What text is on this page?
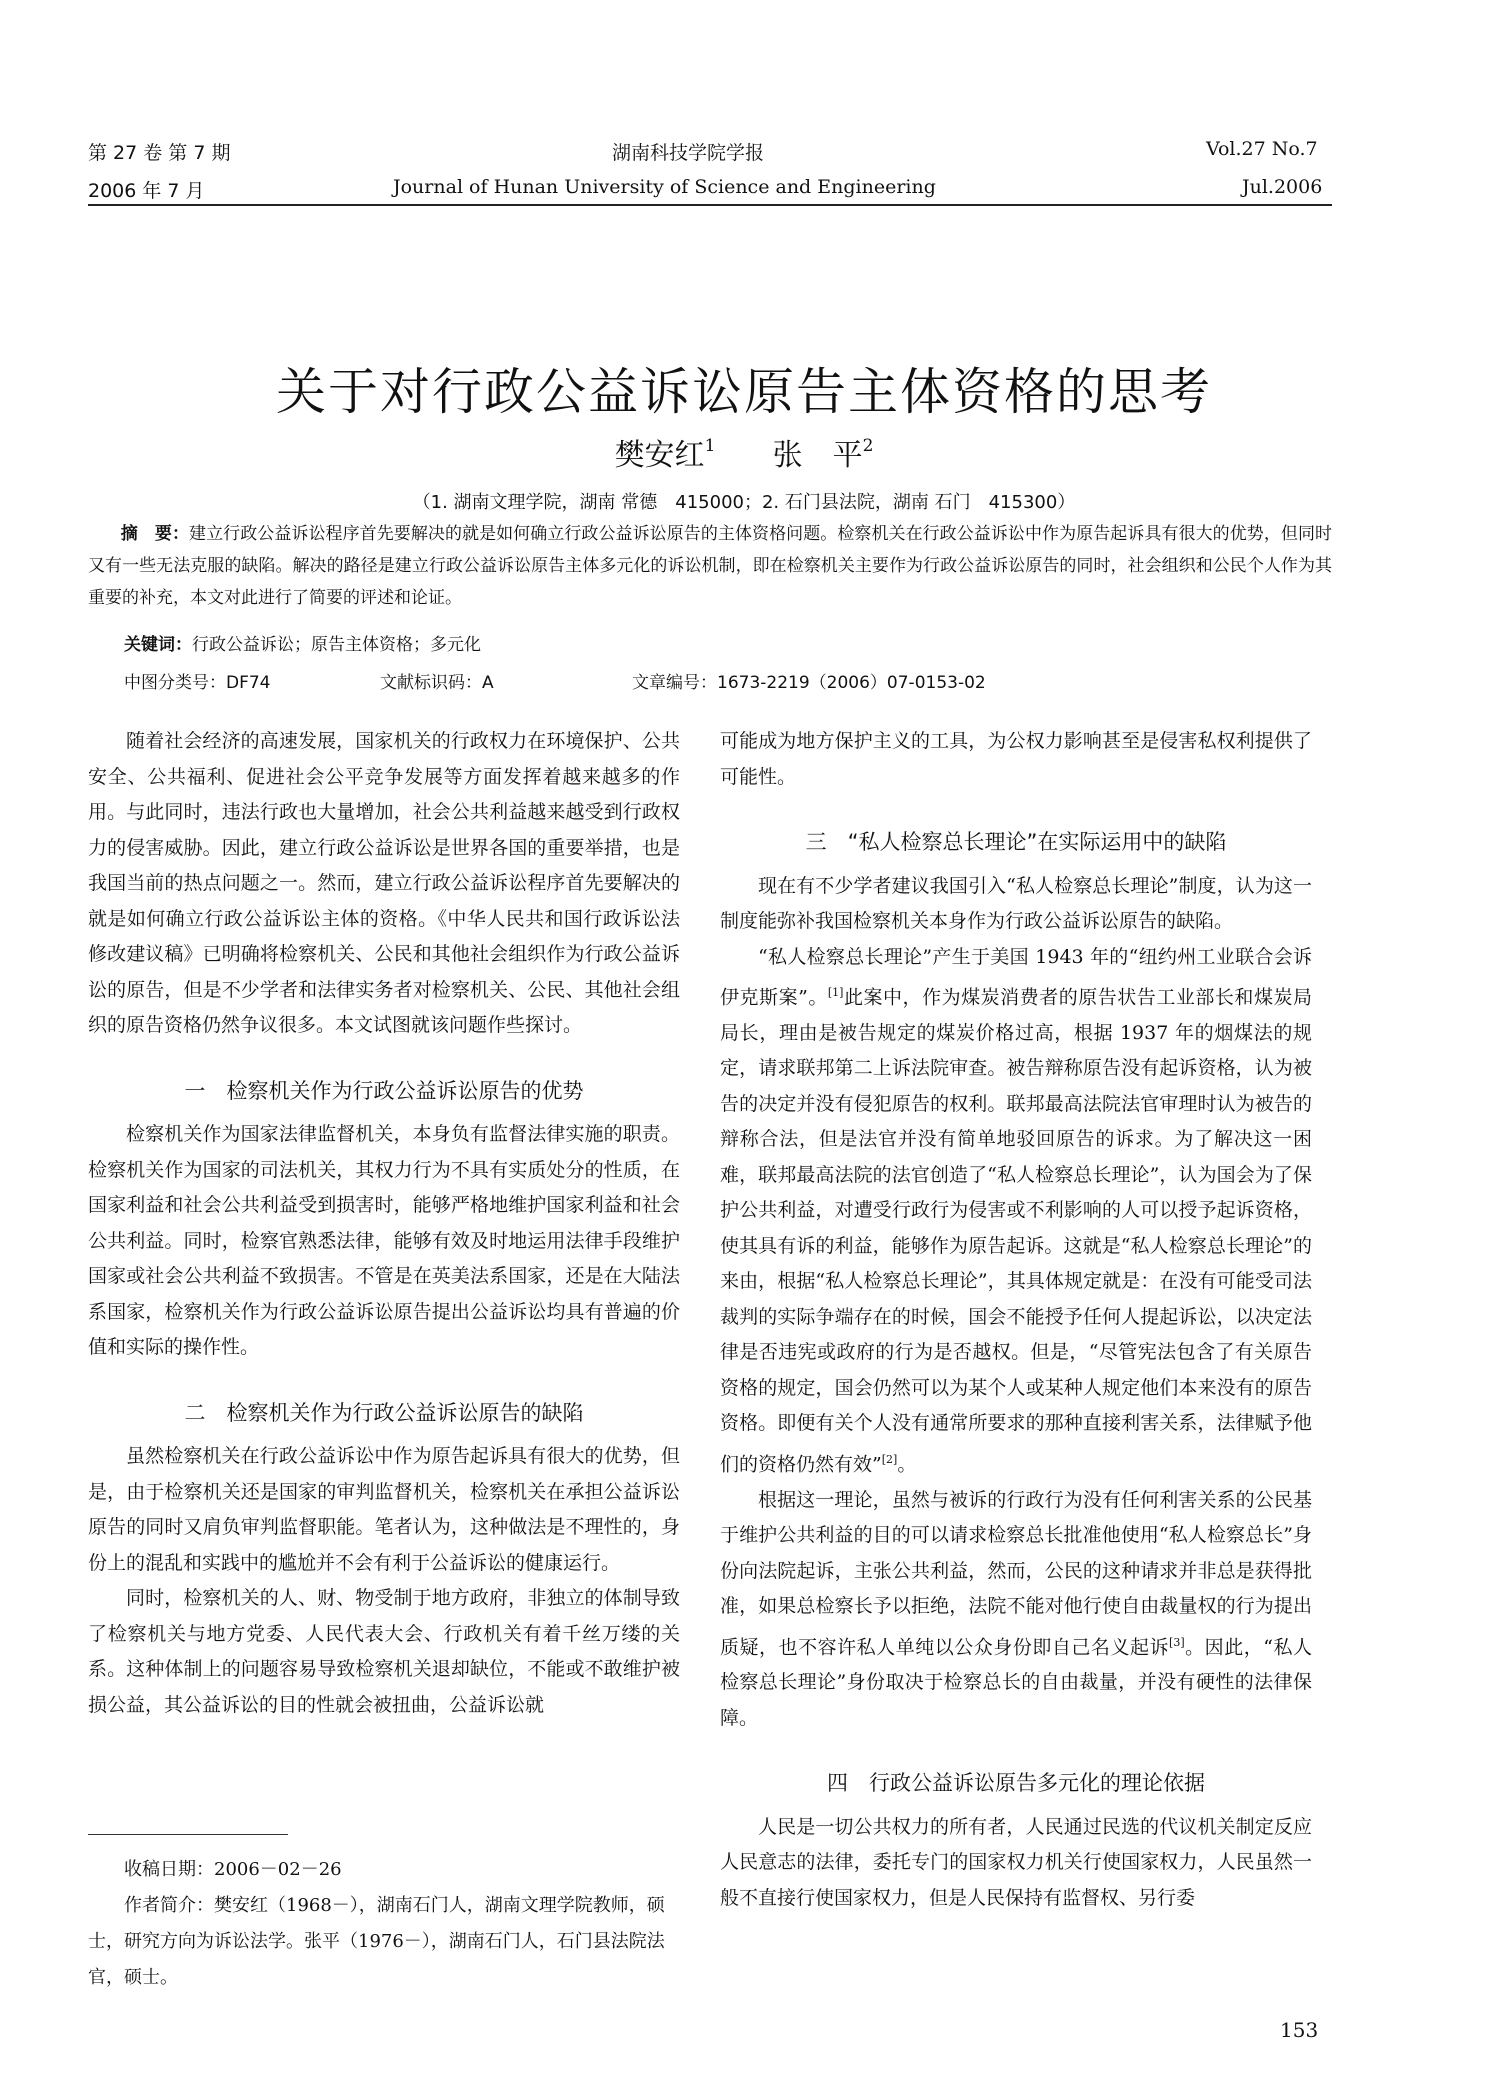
第 27 卷 第 7 期	湖南科技学院学报	Vol.27 No.7
2006 年 7 月	Journal of Hunan University of Science and Engineering	Jul.2006
关于对行政公益诉讼原告主体资格的思考
樊安红$^1$ 张　平$^2$
（1. 湖南文理学院，湖南 常德　415000；2. 石门县法院，湖南 石门　415300）
摘　要：建立行政公益诉讼程序首先要解决的就是如何确立行政公益诉讼原告的主体资格问题。检察机关在行政公益诉讼中作为原告起诉具有很大的优势，但同时又有一些无法克服的缺陷。解决的路径是建立行政公益诉讼原告主体多元化的诉讼机制，即在检察机关主要作为行政公益诉讼原告的同时，社会组织和公民个人作为其重要的补充，本文对此进行了简要的评述和论证。
关键词：行政公益诉讼；原告主体资格；多元化
中图分类号：DF74	文献标识码：A	文章编号：1673-2219（2006）07-0153-02

随着社会经济的高速发展，国家机关的行政权力在环境保护、公共安全、公共福利、促进社会公平竞争发展等方面发挥着越来越多的作用。与此同时，违法行政也大量增加，社会公共利益越来越受到行政权力的侵害威胁。因此，建立行政公益诉讼是世界各国的重要举措，也是我国当前的热点问题之一。然而，建立行政公益诉讼程序首先要解决的就是如何确立行政公益诉讼主体的资格。《中华人民共和国行政诉讼法修改建议稿》已明确将检察机关、公民和其他社会组织作为行政公益诉讼的原告，但是不少学者和法律实务者对检察机关、公民、其他社会组织的原告资格仍然争议很多。本文试图就该问题作些探讨。

一　检察机关作为行政公益诉讼原告的优势

检察机关作为国家法律监督机关，本身负有监督法律实施的职责。检察机关作为国家的司法机关，其权力行为不具有实质处分的性质，在国家利益和社会公共利益受到损害时，能够严格地维护国家利益和社会公共利益。同时，检察官熟悉法律，能够有效及时地运用法律手段维护国家或社会公共利益不致损害。不管是在英美法系国家，还是在大陆法系国家，检察机关作为行政公益诉讼原告提出公益诉讼均具有普遍的价值和实际的操作性。

二　检察机关作为行政公益诉讼原告的缺陷

虽然检察机关在行政公益诉讼中作为原告起诉具有很大的优势，但是，由于检察机关还是国家的审判监督机关，检察机关在承担公益诉讼原告的同时又肩负审判监督职能。笔者认为，这种做法是不理性的，身份上的混乱和实践中的尴尬并不会有利于公益诉讼的健康运行。

同时，检察机关的人、财、物受制于地方政府，非独立的体制导致了检察机关与地方党委、人民代表大会、行政机关有着千丝万缕的关系。这种体制上的问题容易导致检察机关退却缺位，不能或不敢维护被损公益，其公益诉讼的目的性就会被扭曲，公益诉讼就

可能成为地方保护主义的工具，为公权力影响甚至是侵害私权利提供了可能性。

三　“私人检察总长理论”在实际运用中的缺陷

现在有不少学者建议我国引入“私人检察总长理论”制度，认为这一制度能弥补我国检察机关本身作为行政公益诉讼原告的缺陷。

“私人检察总长理论”产生于美国 1943 年的“纽约州工业联合会诉伊克斯案”。[1]此案中，作为煤炭消费者的原告状告工业部长和煤炭局局长，理由是被告规定的煤炭价格过高，根据 1937 年的烟煤法的规定，请求联邦第二上诉法院审查。被告辩称原告没有起诉资格，认为被告的决定并没有侵犯原告的权利。联邦最高法院法官审理时认为被告的辩称合法，但是法官并没有简单地驳回原告的诉求。为了解决这一困难，联邦最高法院的法官创造了“私人检察总长理论”，认为国会为了保护公共利益，对遭受行政行为侵害或不利影响的人可以授予起诉资格，使其具有诉的利益，能够作为原告起诉。这就是“私人检察总长理论”的来由，根据“私人检察总长理论”，其具体规定就是：在没有可能受司法裁判的实际争端存在的时候，国会不能授予任何人提起诉讼，以决定法律是否违宪或政府的行为是否越权。但是，“尽管宪法包含了有关原告资格的规定，国会仍然可以为某个人或某种人规定他们本来没有的原告资格。即便有关个人没有通常所要求的那种直接利害关系，法律赋予他们的资格仍然有效”[2]。

根据这一理论，虽然与被诉的行政行为没有任何利害关系的公民基于维护公共利益的目的可以请求检察总长批准他使用“私人检察总长”身份向法院起诉，主张公共利益，然而，公民的这种请求并非总是获得批准，如果总检察长予以拒绝，法院不能对他行使自由裁量权的行为提出质疑，也不容许私人单纯以公众身份即自己名义起诉[3]。因此，“私人检察总长理论”身份取决于检察总长的自由裁量，并没有硬性的法律保障。

四　行政公益诉讼原告多元化的理论依据

人民是一切公共权力的所有者，人民通过民选的代议机关制定反应人民意志的法律，委托专门的国家权力机关行使国家权力，人民虽然一般不直接行使国家权力，但是人民保持有监督权、另行委

收稿日期：2006－02－26

作者简介：樊安红（1968－），湖南石门人，湖南文理学院教师，硕士，研究方向为诉讼法学。张平（1976－），湖南石门人，石门县法院法官，硕士。

153
